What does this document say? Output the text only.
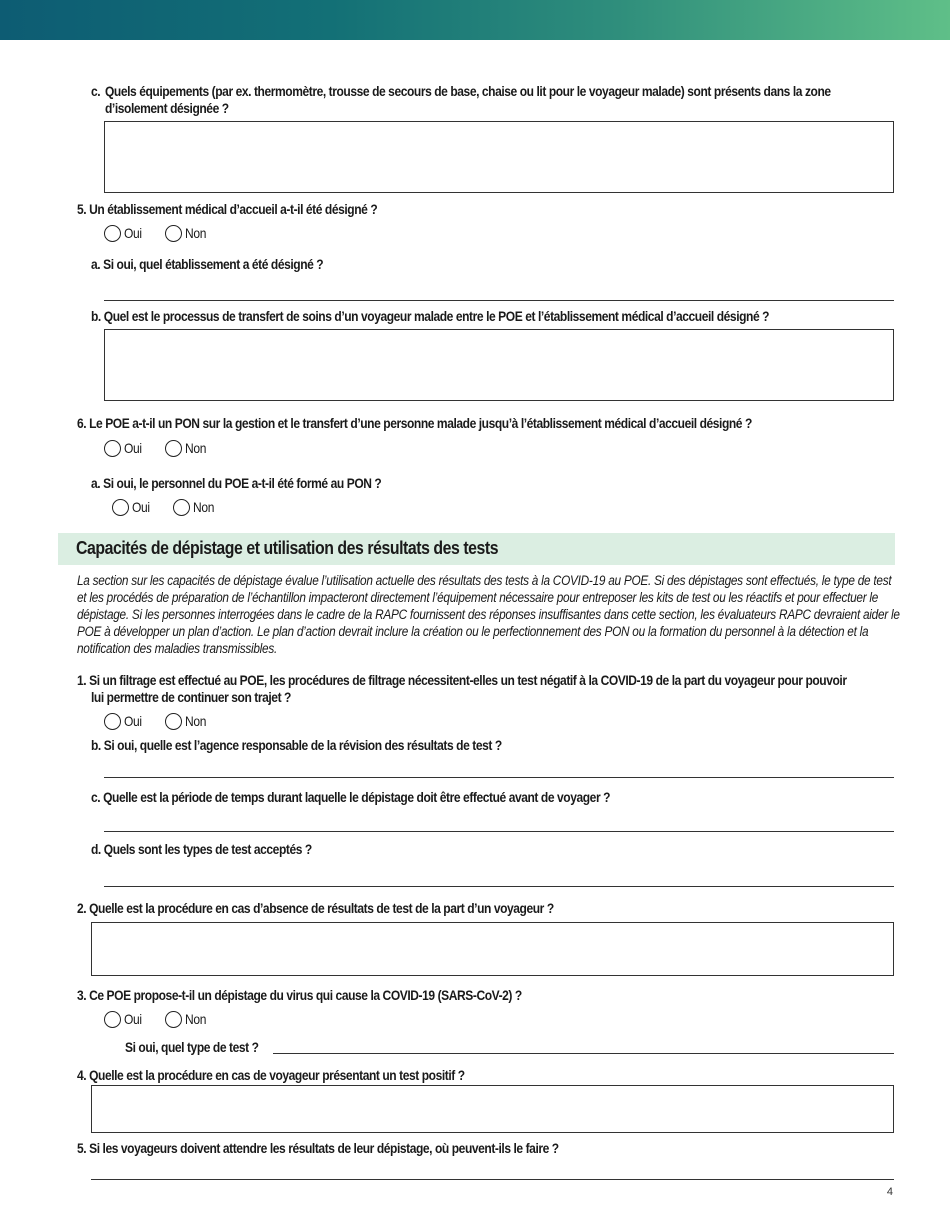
c. Quels équipements (par ex. thermomètre, trousse de secours de base, chaise ou lit pour le voyageur malade) sont présents dans la zone
d’isolement désignée ?
5. Un établissement médical d’accueil a-t-il été désigné ?
Oui	Non
a. Si oui, quel établissement a été désigné ?
b. Quel est le processus de transfert de soins d’un voyageur malade entre le POE et l’établissement médical d’accueil désigné ?
6. Le POE a-t-il un PON sur la gestion et le transfert d’une personne malade jusqu’à l’établissement médical d’accueil désigné ?
Oui	Non
a. Si oui, le personnel du POE a-t-il été formé au PON ?
Oui	Non
Capacités de dépistage et utilisation des résultats des tests

La section sur les capacités de dépistage évalue l’utilisation actuelle des résultats des tests à la COVID-19 au POE. Si des dépistages sont effectués, le type de test

et les procédés de préparation de l’échantillon impacteront directement l’équipement nécessaire pour entreposer les kits de test ou les réactifs et pour effectuer le

dépistage. Si les personnes interrogées dans le cadre de la RAPC fournissent des réponses insuffisantes dans cette section, les évaluateurs RAPC devraient aider le

POE à développer un plan d’action. Le plan d’action devrait inclure la création ou le perfectionnement des PON ou la formation du personnel à la détection et la

notification des maladies transmissibles.

1. Si un filtrage est effectué au POE, les procédures de filtrage nécessitent-elles un test négatif à la COVID-19 de la part du voyageur pour pouvoir
lui permettre de continuer son trajet ?
Oui	Non
b. Si oui, quelle est l’agence responsable de la révision des résultats de test ?
c. Quelle est la période de temps durant laquelle le dépistage doit être effectué avant de voyager ?
d. Quels sont les types de test acceptés ?
2. Quelle est la procédure en cas d’absence de résultats de test de la part d’un voyageur ?
3. Ce POE propose-t-il un dépistage du virus qui cause la COVID-19 (SARS-CoV-2) ?
Oui	Non
Si oui, quel type de test ?
4. Quelle est la procédure en cas de voyageur présentant un test positif ?
5. Si les voyageurs doivent attendre les résultats de leur dépistage, où peuvent-ils le faire ?
4
